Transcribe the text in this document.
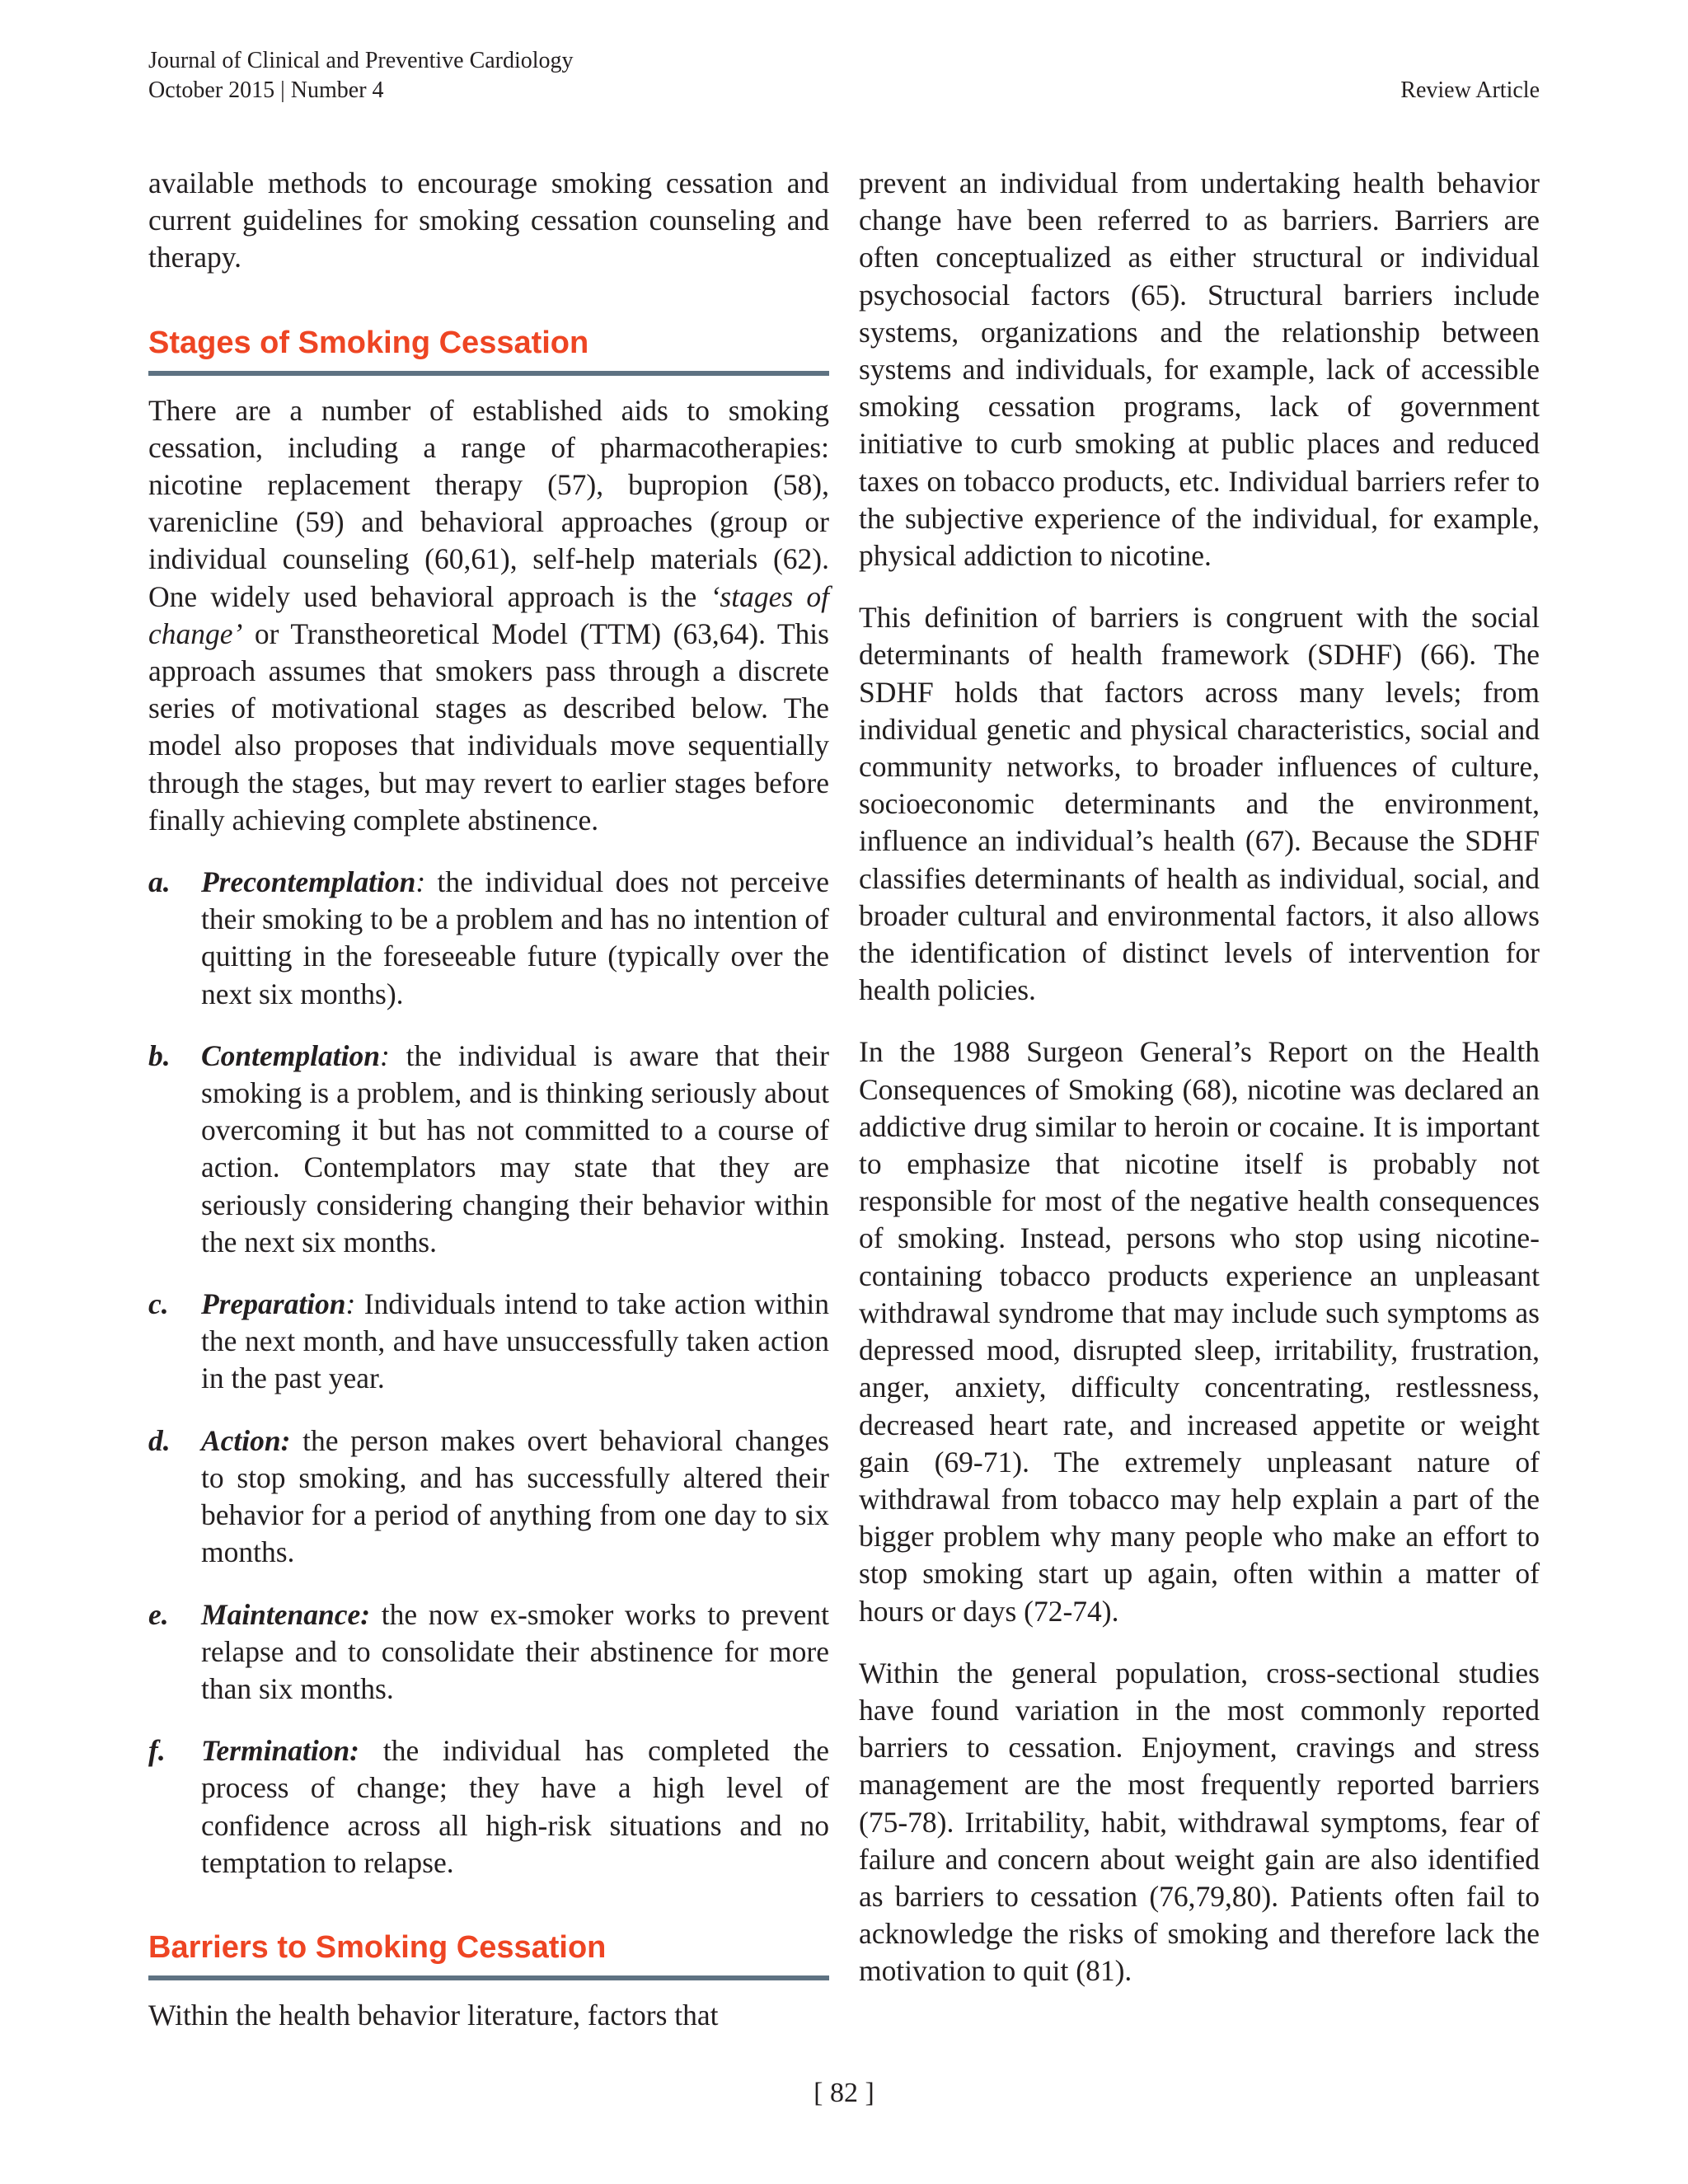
Journal of Clinical and Preventive Cardiology
October 2015 | Number 4	Review Article

available methods to encourage smoking cessation and current guidelines for smoking cessation counseling and therapy.

Stages of Smoking Cessation

There are a number of established aids to smoking cessation, including a range of pharmacotherapies: nicotine replacement therapy (57), bupropion (58), varenicline (59) and behavioral approaches (group or individual counseling (60,61), self-help materials (62). One widely used behavioral approach is the ‘stages of change’ or Transtheoretical Model (TTM) (63,64). This approach assumes that smokers pass through a discrete series of motivational stages as described below. The model also proposes that individuals move sequentially through the stages, but may revert to earlier stages before finally achieving complete abstinence.

a. Precontemplation: the individual does not perceive their smoking to be a problem and has no intention of quitting in the foreseeable future (typically over the next six months).
b. Contemplation: the individual is aware that their smoking is a problem, and is thinking seriously about overcoming it but has not committed to a course of action. Contemplators may state that they are seriously considering changing their behavior within the next six months.
c. Preparation: Individuals intend to take action within the next month, and have unsuccessfully taken action in the past year.
d. Action: the person makes overt behavioral changes to stop smoking, and has successfully altered their behavior for a period of anything from one day to six months.
e. Maintenance: the now ex-smoker works to prevent relapse and to consolidate their abstinence for more than six months.
f. Termination: the individual has completed the process of change; they have a high level of confidence across all high-risk situations and no temptation to relapse.
Barriers to Smoking Cessation

Within the health behavior literature, factors that

prevent an individual from undertaking health behavior change have been referred to as barriers. Barriers are often conceptualized as either structural or individual psychosocial factors (65). Structural barriers include systems, organizations and the relationship between systems and individuals, for example, lack of accessible smoking cessation programs, lack of government initiative to curb smoking at public places and reduced taxes on tobacco products, etc. Individual barriers refer to the subjective experience of the individual, for example, physical addiction to nicotine.

This definition of barriers is congruent with the social determinants of health framework (SDHF) (66). The SDHF holds that factors across many levels; from individual genetic and physical characteristics, social and community networks, to broader influences of culture, socioeconomic determinants and the environment, influence an individual’s health (67). Because the SDHF classifies determinants of health as individual, social, and broader cultural and environmental factors, it also allows the identification of distinct levels of intervention for health policies.

In the 1988 Surgeon General’s Report on the Health Consequences of Smoking (68), nicotine was declared an addictive drug similar to heroin or cocaine. It is important to emphasize that nicotine itself is probably not responsible for most of the negative health consequences of smoking. Instead, persons who stop using nicotine-containing tobacco products experience an unpleasant withdrawal syndrome that may include such symptoms as depressed mood, disrupted sleep, irritability, frustration, anger, anxiety, difficulty concentrating, restlessness, decreased heart rate, and increased appetite or weight gain (69-71). The extremely unpleasant nature of withdrawal from tobacco may help explain a part of the bigger problem why many people who make an effort to stop smoking start up again, often within a matter of hours or days (72-74).

Within the general population, cross-sectional studies have found variation in the most commonly reported barriers to cessation. Enjoyment, cravings and stress management are the most frequently reported barriers (75-78). Irritability, habit, withdrawal symptoms, fear of failure and concern about weight gain are also identified as barriers to cessation (76,79,80). Patients often fail to acknowledge the risks of smoking and therefore lack the motivation to quit (81).

[ 82 ]
